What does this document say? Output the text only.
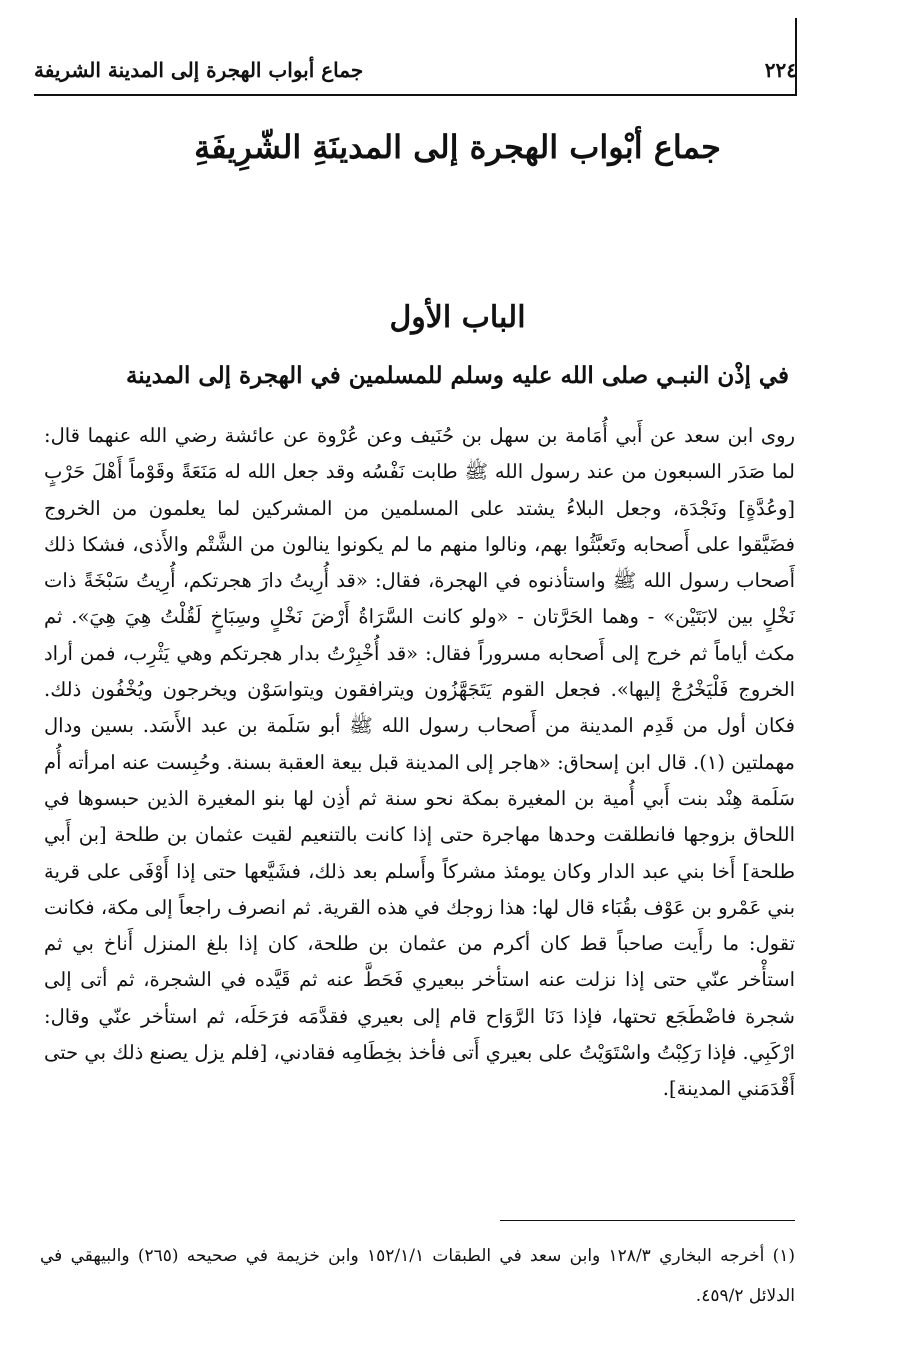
٢٢٤
جماع أبواب الهجرة إلى المدينة الشريفة
جماع أبْواب الهجرة إلى المدينَةِ الشّرِيفَةِ
الباب الأول
في إذْن النبـي صلى الله عليه وسلم للمسلمين في الهجرة إلى المدينة

روى ابن سعد عن أَبي أُمَامة بن سهل بن حُنَيف وعن عُرْوة عن عائشة رضي الله عنهما قال: لما صَدَر السبعون من عند رسول الله ﷺ طابت نَفْسُه وقد جعل الله له مَنَعَةً وقَوْماً أَهْلَ حَرْبٍ [وعُدَّةٍ] ونَجْدَة، وجعل البلاءُ يشتد على المسلمين من المشركين لما يعلمون من الخروج فضَيَّقوا على أَصحابه وتَعبَّثُوا بهم، ونالوا منهم ما لم يكونوا ينالون من الشَّتْم والأَذى، فشكا ذلك أَصحاب رسول الله ﷺ واستأذنوه في الهجرة، فقال: «قد أُرِيتُ دارَ هجرتكم، أُرِيتُ سَبْخَةً ذات نَخْلٍ بين لابَتَيْن» - وهما الحَرَّتان - «ولو كانت السَّرَاةُ أَرْضَ نَخْلٍ وسِبَاخٍ لَقُلْتُ هِيَ هِيَ». ثم مكث أياماً ثم خرج إلى أَصحابه مسروراً فقال: «قد أُخْبِرْتُ بدار هجرتكم وهي يَثْرِب، فمن أراد الخروج فَلْيَخْرُجْ إليها». فجعل القوم يَتَجَهَّزُون ويترافقون ويتواسَوْن ويخرجون ويُخْفُون ذلك. فكان أول من قَدِم المدينة من أَصحاب رسول الله ﷺ أبو سَلَمة بن عبد الأَسَد. بسين ودال مهملتين (١). قال ابن إسحاق: «هاجر إلى المدينة قبل بيعة العقبة بسنة. وحُبِست عنه امرأته أُم سَلَمة هِنْد بنت أَبي أُمية بن المغيرة بمكة نحو سنة ثم أذِن لها بنو المغيرة الذين حبسوها في اللحاق بزوجها فانطلقت وحدها مهاجرة حتى إذا كانت بالتنعيم لقيت عثمان بن طلحة [بن أَبي طلحة] أَخا بني عبد الدار وكان يومئذ مشركاً وأَسلم بعد ذلك، فشَيَّعها حتى إذا أَوْفَى على قرية بني عَمْرو بن عَوْف بقُبَاء قال لها: هذا زوجك في هذه القرية. ثم انصرف راجعاً إلى مكة، فكانت تقول: ما رأَيت صاحباً قط كان أكرم من عثمان بن طلحة، كان إذا بلغ المنزل أَناخ بي ثم استأْخر عنّي حتى إذا نزلت عنه استأخر ببعيري فَحَطَّ عنه ثم قَيَّده في الشجرة، ثم أتى إلى شجرة فاضْطَجَع تحتها، فإذا دَنَا الرَّوَاح قام إلى بعيري فقدَّمَه فرَحَلَه، ثم استأخر عنّي وقال: ارْكَبِي. فإذا رَكِبْتُ واسْتَوَيْتُ على بعيري أَتى فأخذ بخِطَامِه فقادني، [فلم يزل يصنع ذلك بي حتى أَقْدَمَني المدينة].

(١) أخرجه البخاري ١٢٨/٣ وابن سعد في الطبقات ١٥٢/١/١ وابن خزيمة في صحيحه (٢٦٥) والبيهقي في الدلائل ٤٥٩/٢.
